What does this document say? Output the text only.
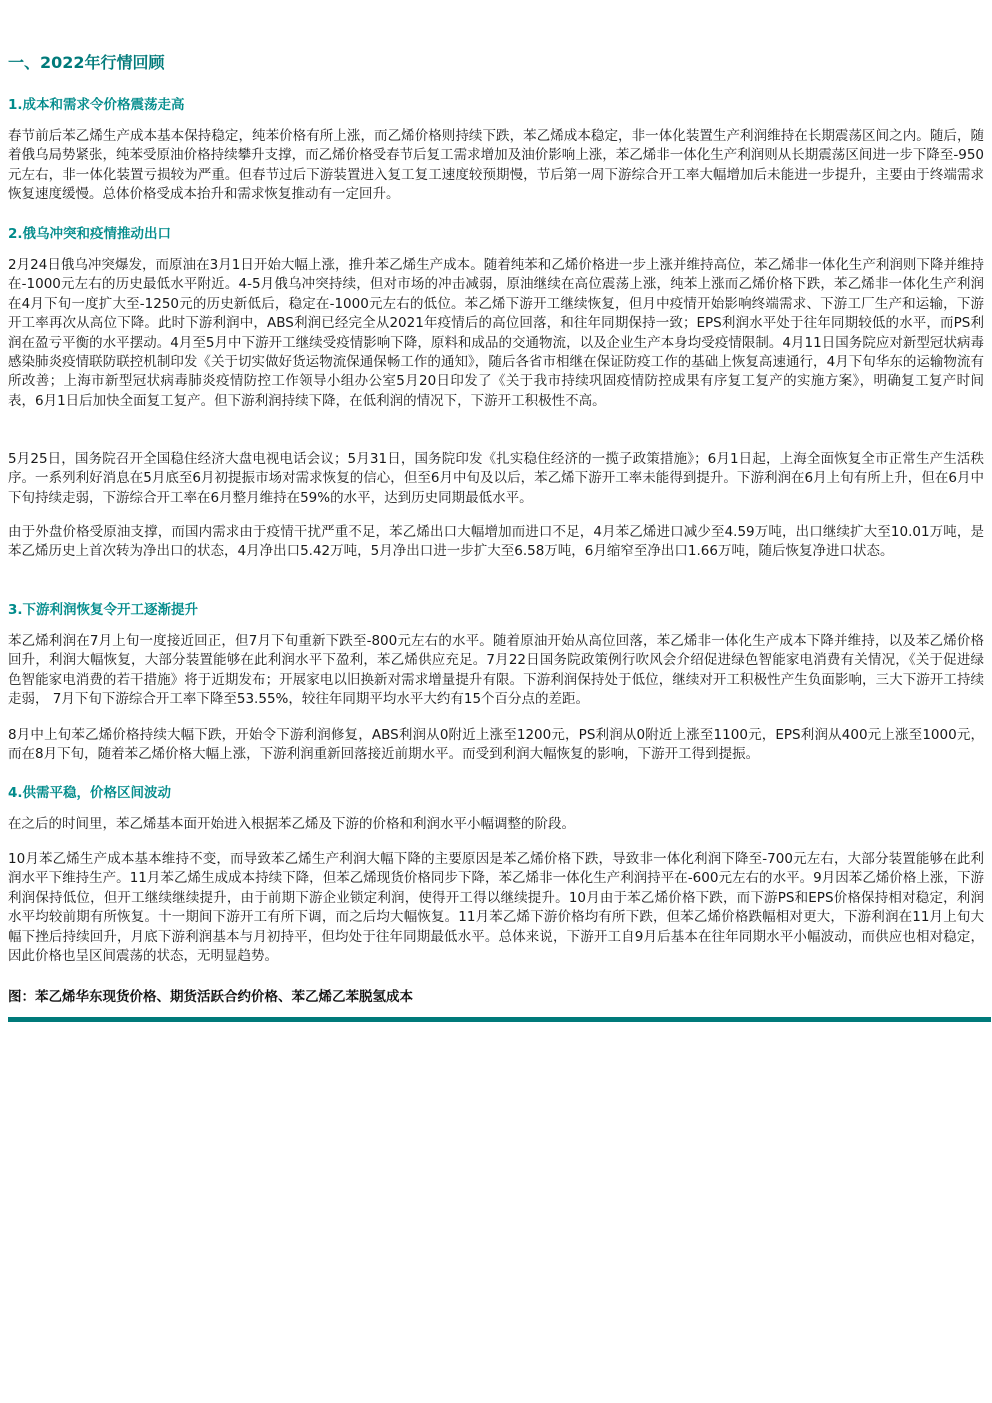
一、2022年行情回顾
1.成本和需求令价格震荡走高

春节前后苯乙烯生产成本基本保持稳定，纯苯价格有所上涨，而乙烯价格则持续下跌，苯乙烯成本稳定，非一体化装置生产利润维持在长期震荡区间之内。随后，随着俄乌局势紧张，纯苯受原油价格持续攀升支撑，而乙烯价格受春节后复工需求增加及油价影响上涨，苯乙烯非一体化生产利润则从长期震荡区间进一步下降至-950元左右，非一体化装置亏损较为严重。但春节过后下游装置进入复工复工速度较预期慢，节后第一周下游综合开工率大幅增加后未能进一步提升，主要由于终端需求恢复速度缓慢。总体价格受成本抬升和需求恢复推动有一定回升。

2.俄乌冲突和疫情推动出口

2月24日俄乌冲突爆发，而原油在3月1日开始大幅上涨，推升苯乙烯生产成本。随着纯苯和乙烯价格进一步上涨并维持高位，苯乙烯非一体化生产利润则下降并维持在-1000元左右的历史最低水平附近。4-5月俄乌冲突持续，但对市场的冲击减弱，原油继续在高位震荡上涨，纯苯上涨而乙烯价格下跌，苯乙烯非一体化生产利润在4月下旬一度扩大至-1250元的历史新低后，稳定在-1000元左右的低位。苯乙烯下游开工继续恢复，但月中疫情开始影响终端需求、下游工厂生产和运输，下游开工率再次从高位下降。此时下游利润中，ABS利润已经完全从2021年疫情后的高位回落，和往年同期保持一致；EPS利润水平处于往年同期较低的水平，而PS利润在盈亏平衡的水平摆动。4月至5月中下游开工继续受疫情影响下降，原料和成品的交通物流，以及企业生产本身均受疫情限制。4月11日国务院应对新型冠状病毒感染肺炎疫情联防联控机制印发《关于切实做好货运物流保通保畅工作的通知》，随后各省市相继在保证防疫工作的基础上恢复高速通行，4月下旬华东的运输物流有所改善；上海市新型冠状病毒肺炎疫情防控工作领导小组办公室5月20日印发了《关于我市持续巩固疫情防控成果有序复工复产的实施方案》，明确复工复产时间表，6月1日后加快全面复工复产。但下游利润持续下降，在低利润的情况下，下游开工积极性不高。

5月25日，国务院召开全国稳住经济大盘电视电话会议；5月31日，国务院印发《扎实稳住经济的一揽子政策措施》；6月1日起，上海全面恢复全市正常生产生活秩序。一系列利好消息在5月底至6月初提振市场对需求恢复的信心，但至6月中旬及以后，苯乙烯下游开工率未能得到提升。下游利润在6月上旬有所上升，但在6月中下旬持续走弱，下游综合开工率在6月整月维持在59%的水平，达到历史同期最低水平。

由于外盘价格受原油支撑，而国内需求由于疫情干扰严重不足，苯乙烯出口大幅增加而进口不足，4月苯乙烯进口减少至4.59万吨，出口继续扩大至10.01万吨，是苯乙烯历史上首次转为净出口的状态，4月净出口5.42万吨，5月净出口进一步扩大至6.58万吨，6月缩窄至净出口1.66万吨，随后恢复净进口状态。

3.下游利润恢复令开工逐渐提升

苯乙烯利润在7月上旬一度接近回正，但7月下旬重新下跌至-800元左右的水平。随着原油开始从高位回落，苯乙烯非一体化生产成本下降并维持，以及苯乙烯价格回升，利润大幅恢复，大部分装置能够在此利润水平下盈利，苯乙烯供应充足。7月22日国务院政策例行吹风会介绍促进绿色智能家电消费有关情况，《关于促进绿色智能家电消费的若干措施》将于近期发布；开展家电以旧换新对需求增量提升有限。下游利润保持处于低位，继续对开工积极性产生负面影响，三大下游开工持续走弱， 7月下旬下游综合开工率下降至53.55%，较往年同期平均水平大约有15个百分点的差距。

8月中上旬苯乙烯价格持续大幅下跌，开始令下游利润修复，ABS利润从0附近上涨至1200元，PS利润从0附近上涨至1100元，EPS利润从400元上涨至1000元，而在8月下旬，随着苯乙烯价格大幅上涨，下游利润重新回落接近前期水平。而受到利润大幅恢复的影响，下游开工得到提振。

4.供需平稳，价格区间波动

在之后的时间里，苯乙烯基本面开始进入根据苯乙烯及下游的价格和利润水平小幅调整的阶段。

10月苯乙烯生产成本基本维持不变，而导致苯乙烯生产利润大幅下降的主要原因是苯乙烯价格下跌，导致非一体化利润下降至-700元左右，大部分装置能够在此利润水平下维持生产。11月苯乙烯生成成本持续下降，但苯乙烯现货价格同步下降，苯乙烯非一体化生产利润持平在-600元左右的水平。9月因苯乙烯价格上涨，下游利润保持低位，但开工继续继续提升，由于前期下游企业锁定利润，使得开工得以继续提升。10月由于苯乙烯价格下跌，而下游PS和EPS价格保持相对稳定，利润水平均较前期有所恢复。十一期间下游开工有所下调，而之后均大幅恢复。11月苯乙烯下游价格均有所下跌，但苯乙烯价格跌幅相对更大，下游利润在11月上旬大幅下挫后持续回升，月底下游利润基本与月初持平，但均处于往年同期最低水平。总体来说，下游开工自9月后基本在往年同期水平小幅波动，而供应也相对稳定，因此价格也呈区间震荡的状态，无明显趋势。

图：苯乙烯华东现货价格、期货活跃合约价格、苯乙烯乙苯脱氢成本
